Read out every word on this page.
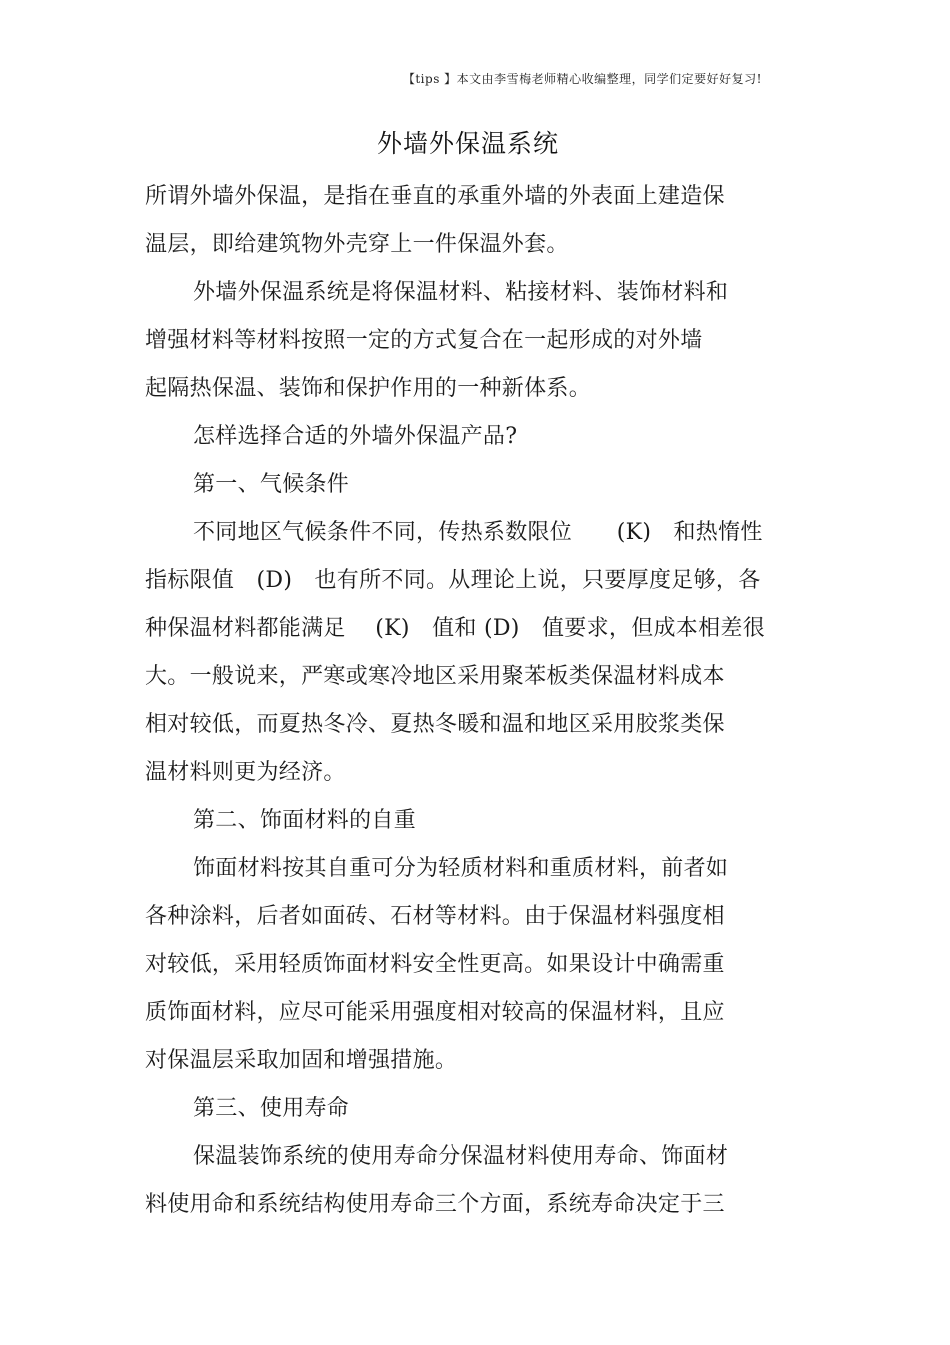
【tips 】本文由李雪梅老师精心收编整理，同学们定要好好复习!
外墙外保温系统
所谓外墙外保温，是指在垂直的承重外墙的外表面上建造保
温层，即给建筑物外壳穿上一件保温外套。
外墙外保温系统是将保温材料、粘接材料、装饰材料和
增强材料等材料按照一定的方式复合在一起形成的对外墙
起隔热保温、装饰和保护作用的一种新体系。
怎样选择合适的外墙外保温产品?
第一、气候条件
不同地区气候条件不同，传热系数限位　　(K)　和热惰性
指标限值　(D)　也有所不同。从理论上说，只要厚度足够，各
种保温材料都能满足　 (K)　值和 (D)　值要求，但成本相差很
大。一般说来，严寒或寒冷地区采用聚苯板类保温材料成本
相对较低，而夏热冬冷、夏热冬暖和温和地区采用胶浆类保
温材料则更为经济。
第二、饰面材料的自重
饰面材料按其自重可分为轻质材料和重质材料，前者如
各种涂料，后者如面砖、石材等材料。由于保温材料强度相
对较低，采用轻质饰面材料安全性更高。如果设计中确需重
质饰面材料，应尽可能采用强度相对较高的保温材料，且应
对保温层采取加固和增强措施。
第三、使用寿命
保温装饰系统的使用寿命分保温材料使用寿命、饰面材
料使用命和系统结构使用寿命三个方面，系统寿命决定于三
